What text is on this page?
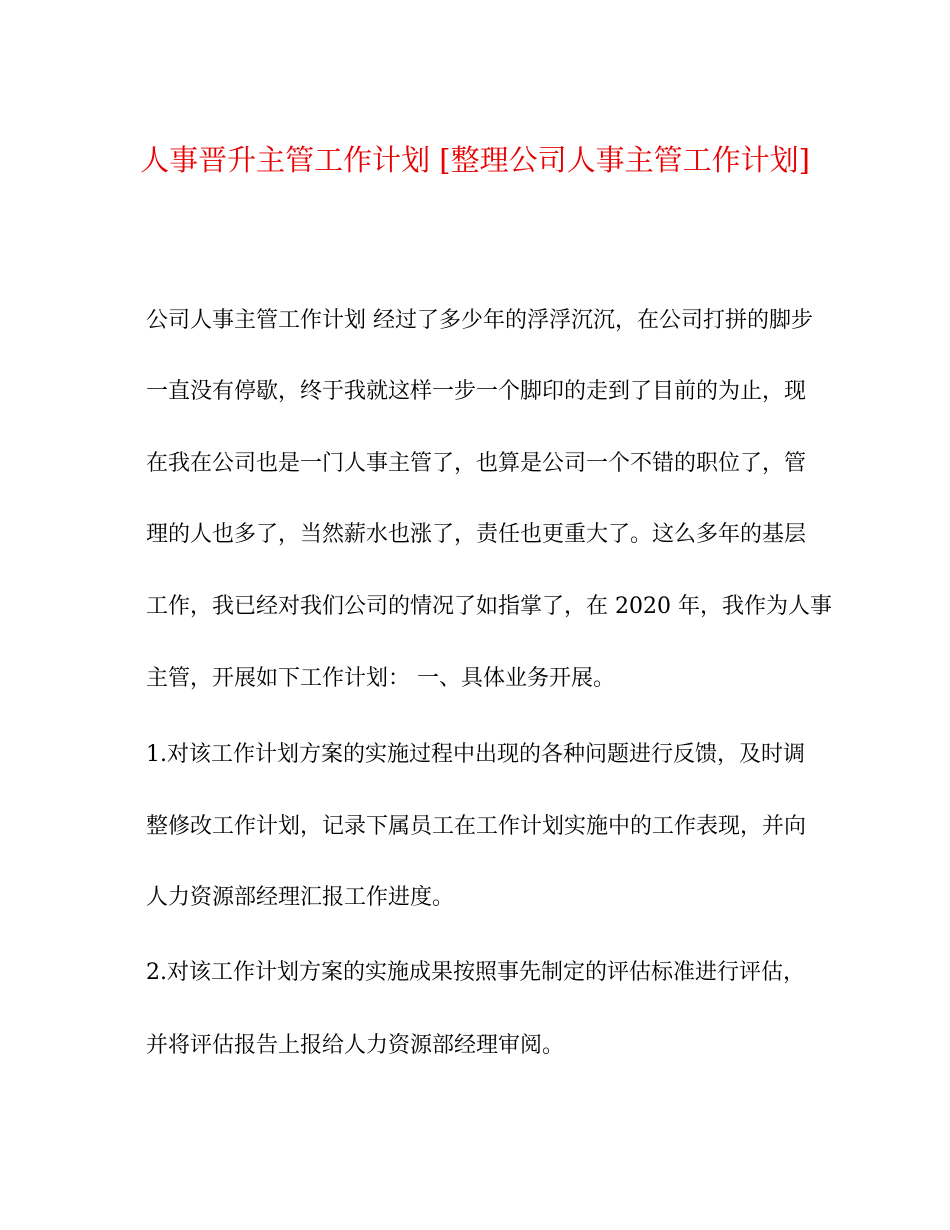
人事晋升主管工作计划 [整理公司人事主管工作计划]
公司人事主管工作计划 经过了多少年的浮浮沉沉，在公司打拼的脚步
一直没有停歇，终于我就这样一步一个脚印的走到了目前的为止，现
在我在公司也是一门人事主管了，也算是公司一个不错的职位了，管
理的人也多了，当然薪水也涨了，责任也更重大了。这么多年的基层
工作，我已经对我们公司的情况了如指掌了，在 2020 年，我作为人事
主管，开展如下工作计划： 一、具体业务开展。
1.对该工作计划方案的实施过程中出现的各种问题进行反馈，及时调
整修改工作计划，记录下属员工在工作计划实施中的工作表现，并向
人力资源部经理汇报工作进度。
2.对该工作计划方案的实施成果按照事先制定的评估标准进行评估，
并将评估报告上报给人力资源部经理审阅。
